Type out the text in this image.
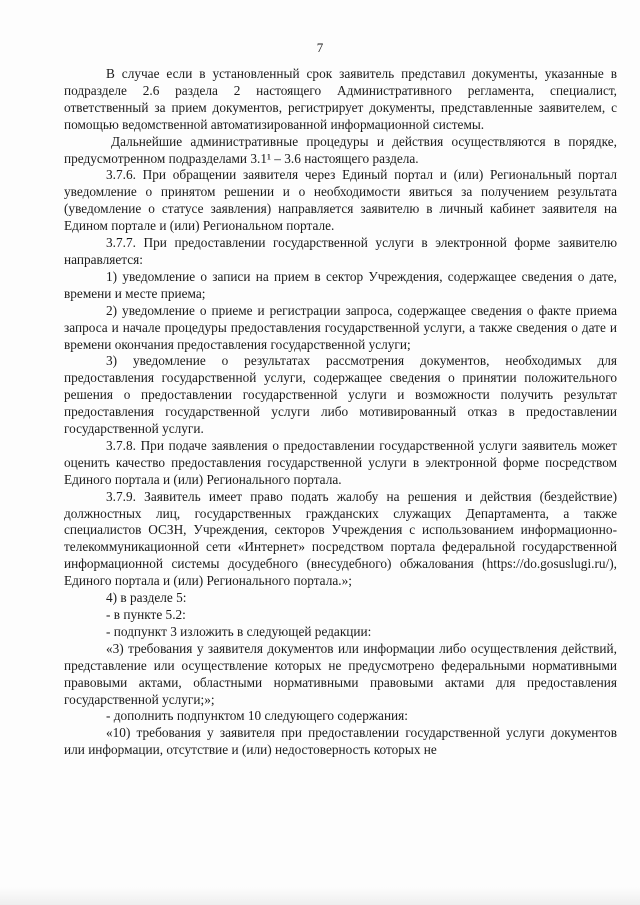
7

В случае если в установленный срок заявитель представил документы, указанные в подразделе 2.6 раздела 2 настоящего Административного регламента, специалист, ответственный за прием документов, регистрирует документы, представленные заявителем, с помощью ведомственной автоматизированной информационной системы.

Дальнейшие административные процедуры и действия осуществляются в порядке, предусмотренном подразделами 3.1¹ – 3.6 настоящего раздела.

3.7.6. При обращении заявителя через Единый портал и (или) Региональный портал уведомление о принятом решении и о необходимости явиться за получением результата (уведомление о статусе заявления) направляется заявителю в личный кабинет заявителя на Едином портале и (или) Региональном портале.

3.7.7. При предоставлении государственной услуги в электронной форме заявителю направляется:

1) уведомление о записи на прием в сектор Учреждения, содержащее сведения о дате, времени и месте приема;

2) уведомление о приеме и регистрации запроса, содержащее сведения о факте приема запроса и начале процедуры предоставления государственной услуги, а также сведения о дате и времени окончания предоставления государственной услуги;

3) уведомление о результатах рассмотрения документов, необходимых для предоставления государственной услуги, содержащее сведения о принятии положительного решения о предоставлении государственной услуги и возможности получить результат предоставления государственной услуги либо мотивированный отказ в предоставлении государственной услуги.

3.7.8. При подаче заявления о предоставлении государственной услуги заявитель может оценить качество предоставления государственной услуги в электронной форме посредством Единого портала и (или) Регионального портала.

3.7.9. Заявитель имеет право подать жалобу на решения и действия (бездействие) должностных лиц, государственных гражданских служащих Департамента, а также специалистов ОСЗН, Учреждения, секторов Учреждения с использованием информационно-телекоммуникационной сети «Интернет» посредством портала федеральной государственной информационной системы досудебного (внесудебного) обжалования (https://do.gosuslugi.ru/), Единого портала и (или) Регионального портала.»;

4) в разделе 5:

- в пункте 5.2:

- подпункт 3 изложить в следующей редакции:

«3) требования у заявителя документов или информации либо осуществления действий, представление или осуществление которых не предусмотрено федеральными нормативными правовыми актами, областными нормативными правовыми актами для предоставления государственной услуги;»;

- дополнить подпунктом 10 следующего содержания:

«10) требования у заявителя при предоставлении государственной услуги документов или информации, отсутствие и (или) недостоверность которых не
